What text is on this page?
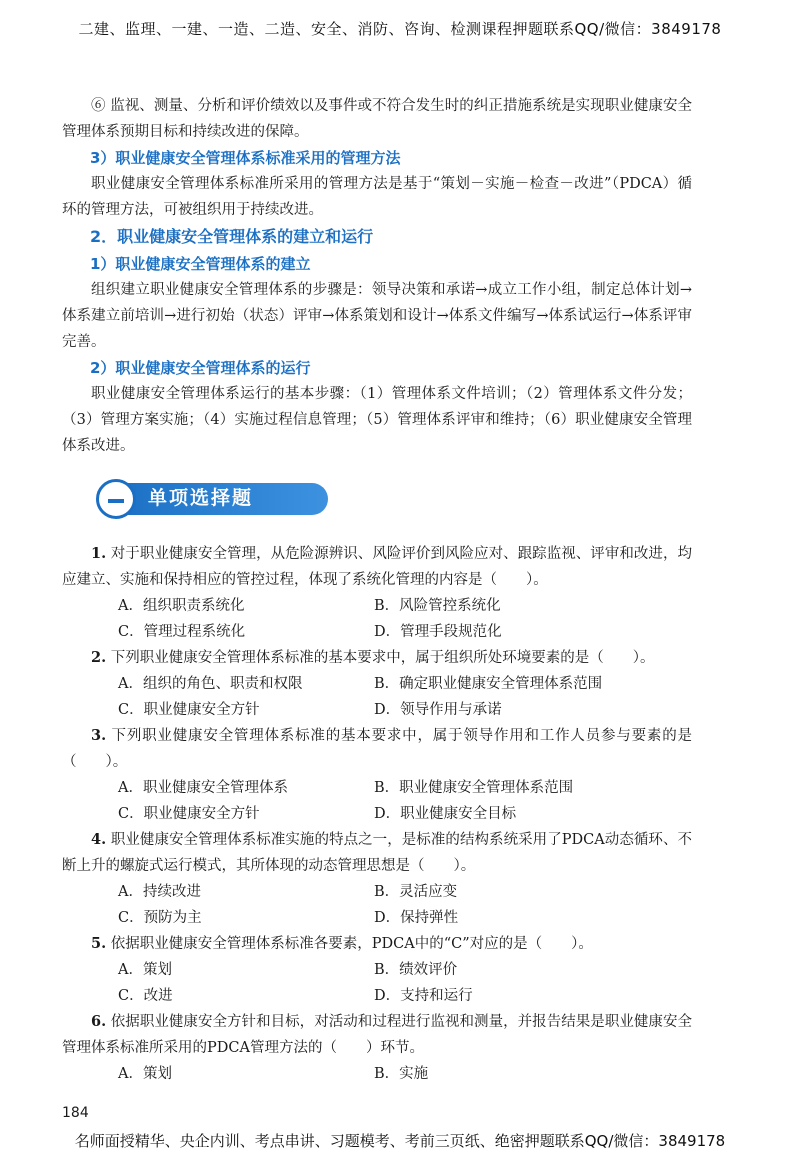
二建、监理、一建、一造、二造、安全、消防、咨询、检测课程押题联系QQ/微信：3849178

⑥ 监视、测量、分析和评价绩效以及事件或不符合发生时的纠正措施系统是实现职业健康安全管理体系预期目标和持续改进的保障。

3）职业健康安全管理体系标准采用的管理方法

职业健康安全管理体系标准所采用的管理方法是基于“策划－实施－检查－改进”（PDCA）循环的管理方法，可被组织用于持续改进。

2．职业健康安全管理体系的建立和运行

1）职业健康安全管理体系的建立

组织建立职业健康安全管理体系的步骤是：领导决策和承诺→成立工作小组，制定总体计划→体系建立前培训→进行初始（状态）评审→体系策划和设计→体系文件编写→体系试运行→体系评审完善。

2）职业健康安全管理体系的运行

职业健康安全管理体系运行的基本步骤：（1）管理体系文件培训；（2）管理体系文件分发；（3）管理方案实施；（4）实施过程信息管理；（5）管理体系评审和维持；（6）职业健康安全管理体系改进。

单项选择题

1. 对于职业健康安全管理，从危险源辨识、风险评价到风险应对、跟踪监视、评审和改进，均应建立、实施和保持相应的管控过程，体现了系统化管理的内容是（　　）。

A．组织职责系统化	B．风险管控系统化
C．管理过程系统化	D．管理手段规范化

2. 下列职业健康安全管理体系标准的基本要求中，属于组织所处环境要素的是（　　）。

A．组织的角色、职责和权限	B．确定职业健康安全管理体系范围
C．职业健康安全方针	D．领导作用与承诺

3. 下列职业健康安全管理体系标准的基本要求中，属于领导作用和工作人员参与要素的是（　　）。

A．职业健康安全管理体系	B．职业健康安全管理体系范围
C．职业健康安全方针	D．职业健康安全目标

4. 职业健康安全管理体系标准实施的特点之一，是标准的结构系统采用了PDCA动态循环、不断上升的螺旋式运行模式，其所体现的动态管理思想是（　　）。

A．持续改进	B．灵活应变
C．预防为主	D．保持弹性

5. 依据职业健康安全管理体系标准各要素，PDCA中的“C”对应的是（　　）。

A．策划	B．绩效评价
C．改进	D．支持和运行

6. 依据职业健康安全方针和目标，对活动和过程进行监视和测量，并报告结果是职业健康安全管理体系标准所采用的PDCA管理方法的（　　）环节。

A．策划	B．实施
184
名师面授精华、央企内训、考点串讲、习题模考、考前三页纸、绝密押题联系QQ/微信：3849178
